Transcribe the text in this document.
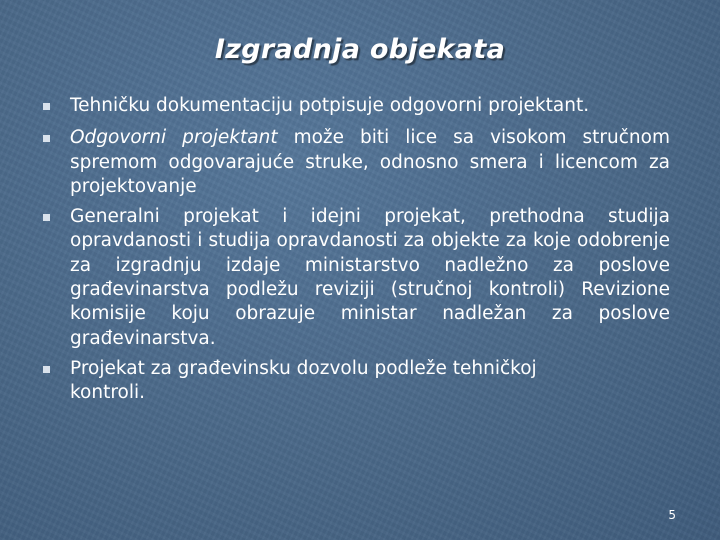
Izgradnja objekata
Tehničku dokumentaciju potpisuje odgovorni projektant.
Odgovorni projektant može biti lice sa visokom stručnom spremom odgovarajuće struke, odnosno smera i licencom za projektovanje
Generalni projekat i idejni projekat, prethodna studija opravdanosti i studija opravdanosti za objekte za koje odobrenje za izgradnju izdaje ministarstvo nadležno za poslove građevinarstva podležu reviziji (stručnoj kontroli) Revizione komisije koju obrazuje ministar nadležan za poslove građevinarstva.
Projekat za građevinsku dozvolu podleže tehničkoj kontroli.
5
